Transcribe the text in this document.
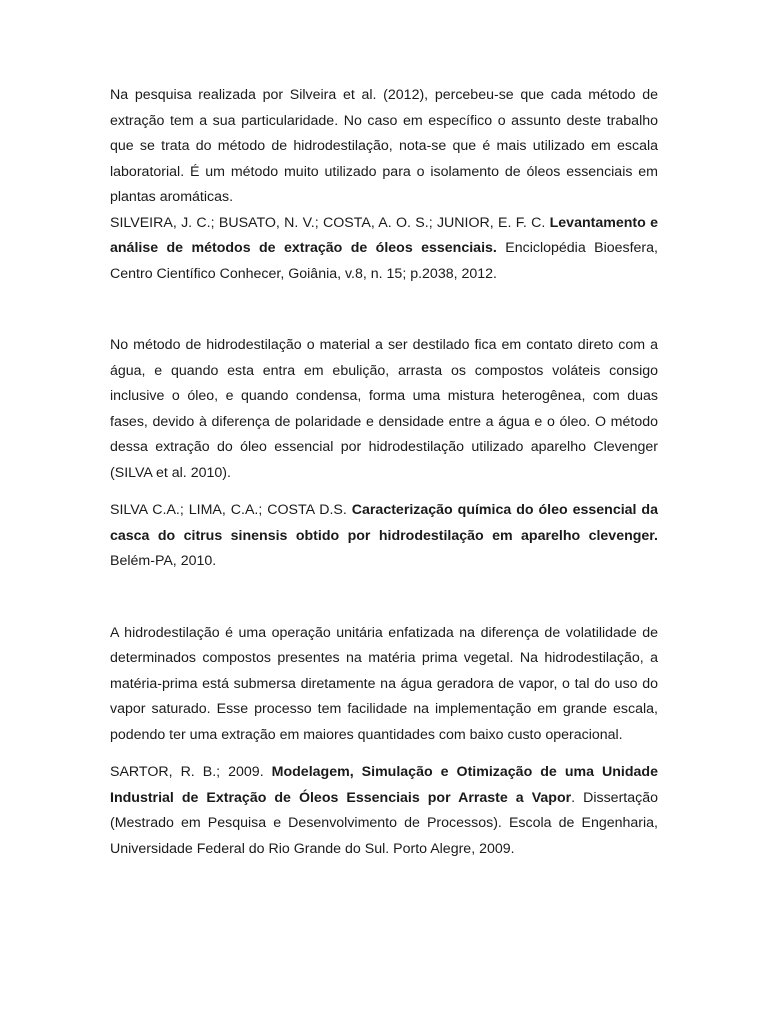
Na pesquisa realizada por Silveira et al. (2012), percebeu-se que cada método de extração tem a sua particularidade. No caso em específico o assunto deste trabalho que se trata do método de hidrodestilação, nota-se que é mais utilizado em escala laboratorial. É um método muito utilizado para o isolamento de óleos essenciais em plantas aromáticas.

SILVEIRA, J. C.; BUSATO, N. V.; COSTA, A. O. S.; JUNIOR, E. F. C. Levantamento e análise de métodos de extração de óleos essenciais. Enciclopédia Bioesfera, Centro Científico Conhecer, Goiânia, v.8, n. 15; p.2038, 2012.

No método de hidrodestilação o material a ser destilado fica em contato direto com a água, e quando esta entra em ebulição, arrasta os compostos voláteis consigo inclusive o óleo, e quando condensa, forma uma mistura heterogênea, com duas fases, devido à diferença de polaridade e densidade entre a água e o óleo. O método dessa extração do óleo essencial por hidrodestilação utilizado aparelho Clevenger (SILVA et al. 2010).

SILVA C.A.; LIMA, C.A.; COSTA D.S. Caracterização química do óleo essencial da casca do citrus sinensis obtido por hidrodestilação em aparelho clevenger. Belém-PA, 2010.

A hidrodestilação é uma operação unitária enfatizada na diferença de volatilidade de determinados compostos presentes na matéria prima vegetal. Na hidrodestilação, a matéria-prima está submersa diretamente na água geradora de vapor, o tal do uso do vapor saturado. Esse processo tem facilidade na implementação em grande escala, podendo ter uma extração em maiores quantidades com baixo custo operacional.

SARTOR, R. B.; 2009. Modelagem, Simulação e Otimização de uma Unidade Industrial de Extração de Óleos Essenciais por Arraste a Vapor. Dissertação (Mestrado em Pesquisa e Desenvolvimento de Processos). Escola de Engenharia, Universidade Federal do Rio Grande do Sul. Porto Alegre, 2009.
